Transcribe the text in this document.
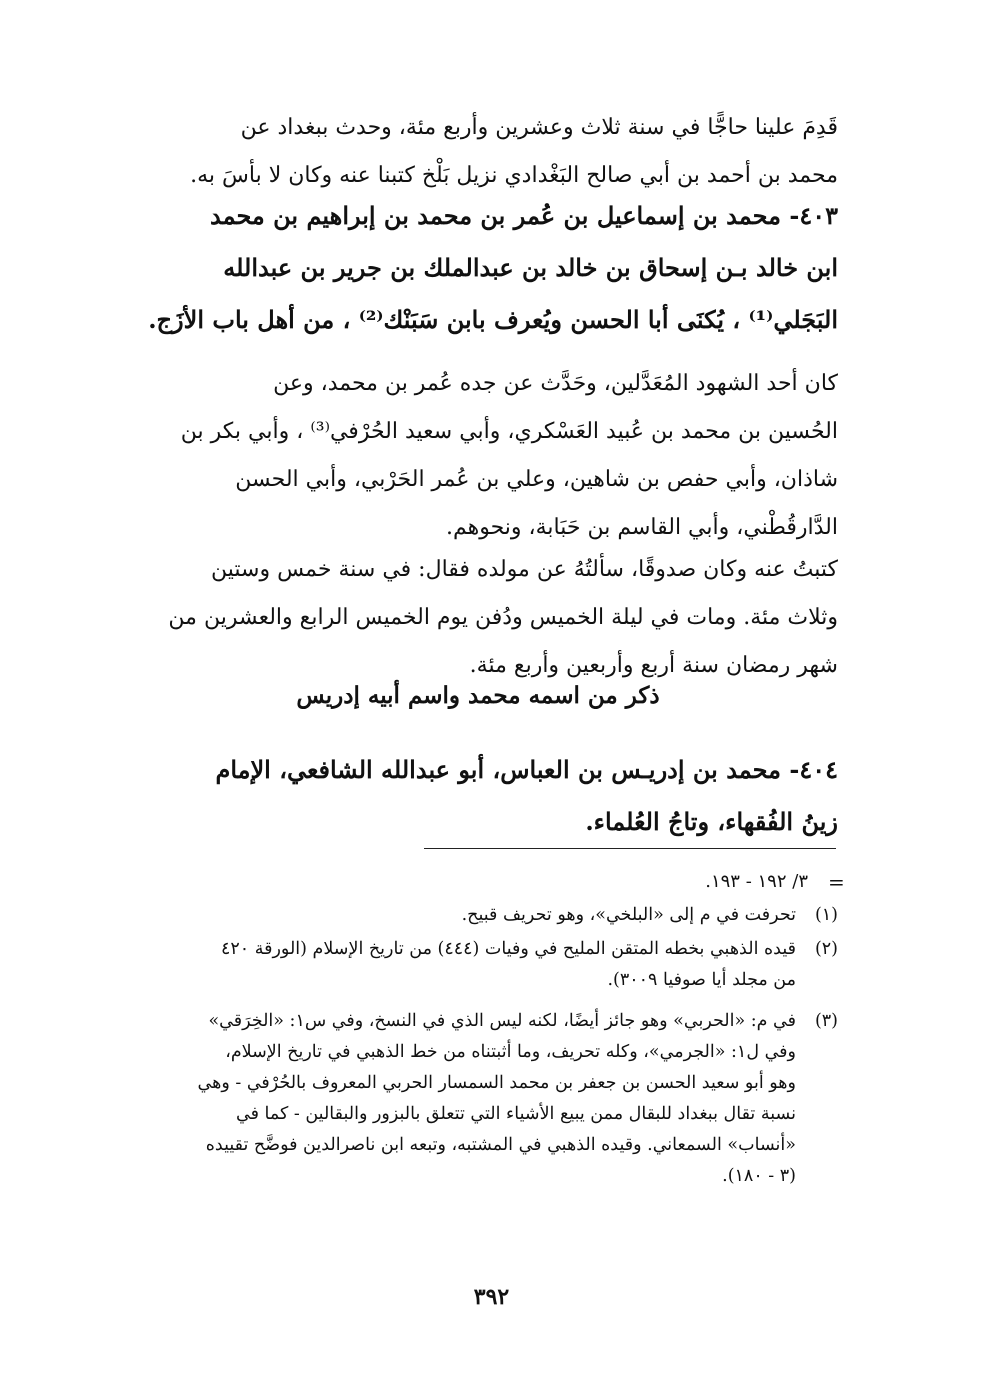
قَدِمَ علينا حاجًّا في سنة ثلاث وعشرين وأربع مئة، وحدث ببغداد عن
محمد بن أحمد بن أبي صالح البَغْدادي نزيل بَلْخ كتبنا عنه وكان لا بأسَ به.
٤٠٣- محمد بن إسماعيل بن عُمر بن محمد بن إبراهيم بن محمد
ابن خالد بـن إسحاق بن خالد بن عبدالملك بن جرير بن عبدالله
البَجَلي⁽¹⁾ ، يُكنَى أبا الحسن ويُعرف بابن سَبَنْك⁽²⁾ ، من أهل باب الأزَج.
كان أحد الشهود المُعَدَّلين، وحَدَّث عن جده عُمر بن محمد، وعن
الحُسين بن محمد بن عُبيد العَسْكري، وأبي سعيد الحُرْفي⁽³⁾ ، وأبي بكر بن
شاذان، وأبي حفص بن شاهين، وعلي بن عُمر الحَرْبي، وأبي الحسن
الدَّارقُطْني، وأبي القاسم بن حَبَابة، ونحوهم.
كتبتُ عنه وكان صدوقًا، سألتُهُ عن مولده فقال: في سنة خمس وستين
وثلاث مئة. ومات في ليلة الخميس ودُفن يوم الخميس الرابع والعشرين من
شهر رمضان سنة أربع وأربعين وأربع مئة.
ذكر من اسمه محمد واسم أبيه إدريس
٤٠٤- محمد بن إدريـس بن العباس، أبو عبدالله الشافعي، الإمام
زينُ الفُقهاء، وتاجُ العُلماء.
=
٣/ ١٩٢ - ١٩٣.
(١)
تحرفت في م إلى «البلخي»، وهو تحريف قبيح.
(٢)
قيده الذهبي بخطه المتقن المليح في وفيات (٤٤٤) من تاريخ الإسلام (الورقة ٤٢٠
من مجلد أيا صوفيا ٣٠٠٩).
(٣)
في م: «الحربي» وهو جائز أيضًا، لكنه ليس الذي في النسخ، وفي س١: «الخِرَقي»
وفي ل١: «الجرمي»، وكله تحريف، وما أثبتناه من خط الذهبي في تاريخ الإسلام،
وهو أبو سعيد الحسن بن جعفر بن محمد السمسار الحربي المعروف بالحُرْفي - وهي
نسبة تقال ببغداد للبقال ممن يبيع الأشياء التي تتعلق بالبزور والبقالين - كما في
«أنساب» السمعاني. وقيده الذهبي في المشتبه، وتبعه ابن ناصرالدين فوضَّح تقييده
(٣ - ١٨٠).
٣٩٢
